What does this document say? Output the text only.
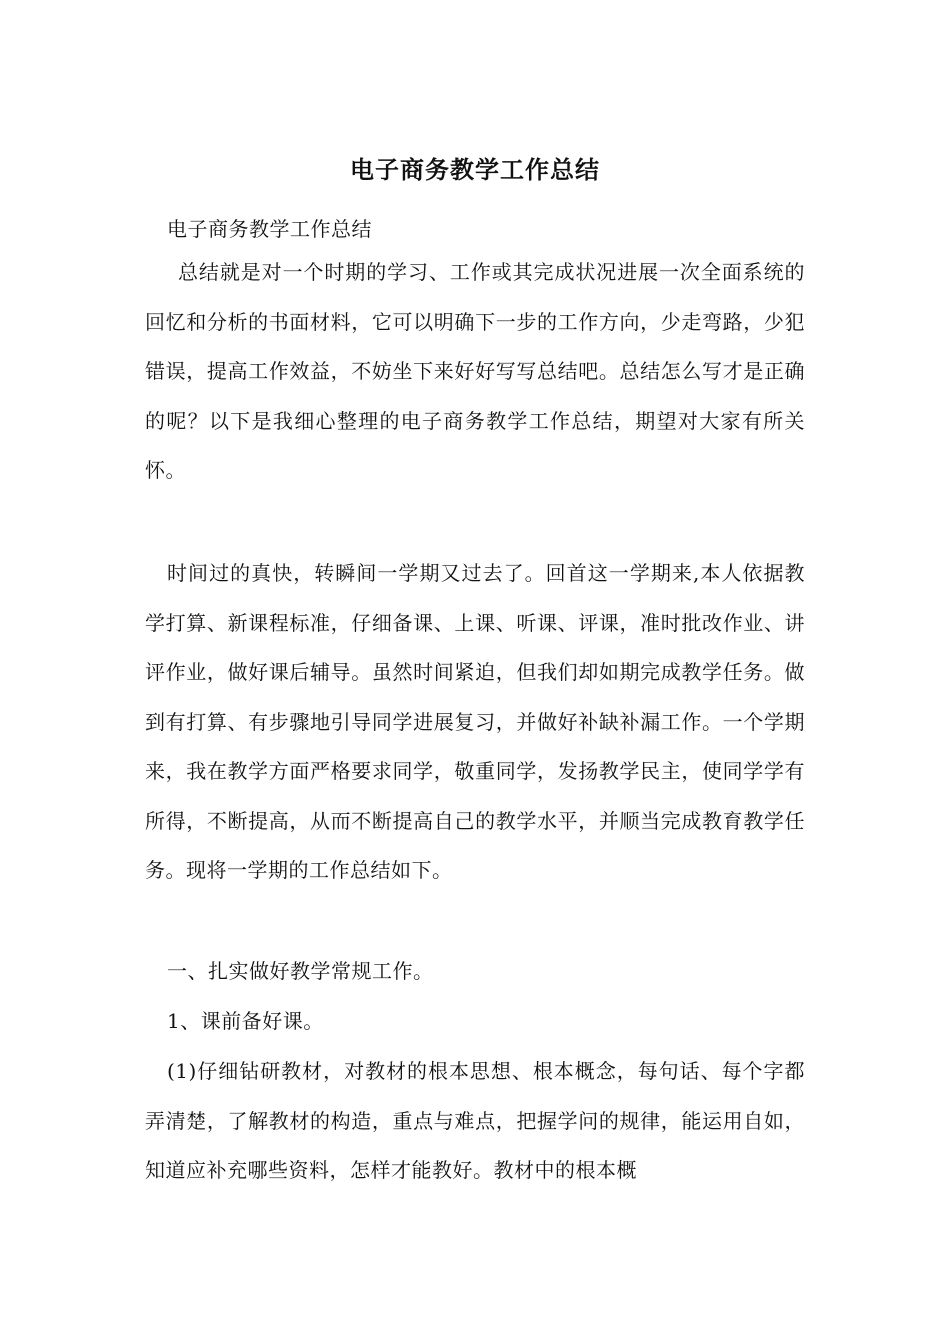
电子商务教学工作总结
电子商务教学工作总结
总结就是对一个时期的学习、工作或其完成状况进展一次全面系统的回忆和分析的书面材料，它可以明确下一步的工作方向，少走弯路，少犯错误，提高工作效益，不妨坐下来好好写写总结吧。总结怎么写才是正确的呢？以下是我细心整理的电子商务教学工作总结，期望对大家有所关怀。
时间过的真快，转瞬间一学期又过去了。回首这一学期来,本人依据教学打算、新课程标准，仔细备课、上课、听课、评课，准时批改作业、讲评作业，做好课后辅导。虽然时间紧迫，但我们却如期完成教学任务。做到有打算、有步骤地引导同学进展复习，并做好补缺补漏工作。一个学期来，我在教学方面严格要求同学，敬重同学，发扬教学民主，使同学学有所得，不断提高，从而不断提高自己的教学水平，并顺当完成教育教学任务。现将一学期的工作总结如下。
一、扎实做好教学常规工作。
1、课前备好课。
(1)仔细钻研教材，对教材的根本思想、根本概念，每句话、每个字都弄清楚，了解教材的构造，重点与难点，把握学问的规律，能运用自如，知道应补充哪些资料，怎样才能教好。教材中的根本概
